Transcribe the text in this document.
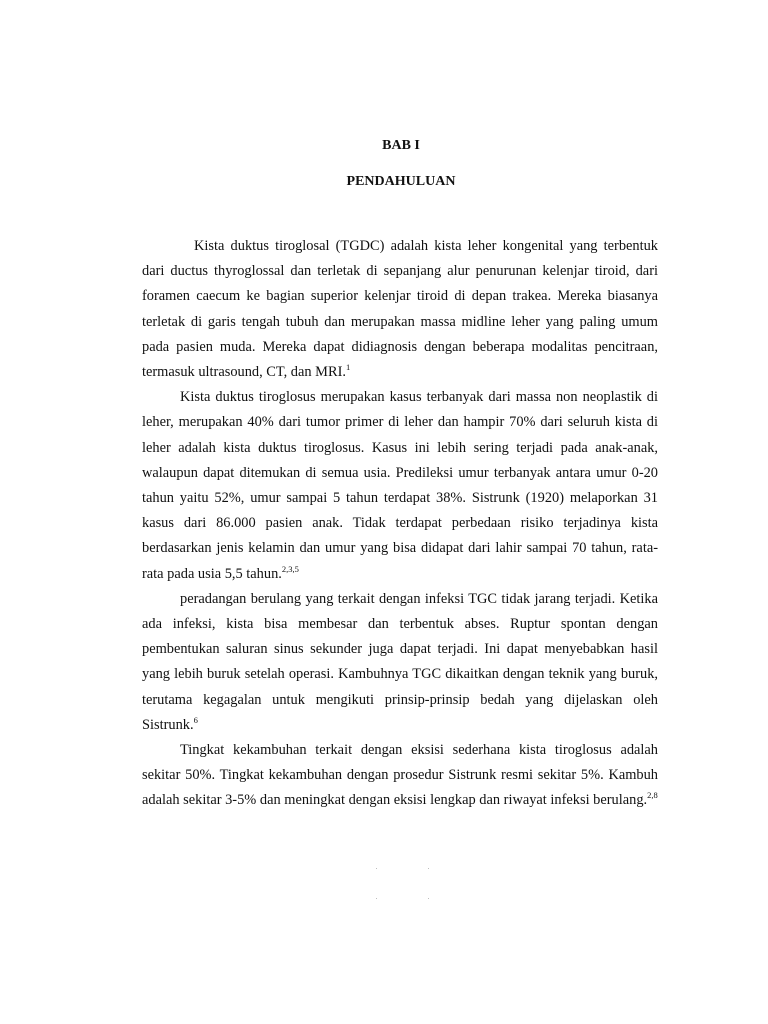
BAB I
PENDAHULUAN

Kista duktus tiroglosal (TGDC) adalah kista leher kongenital yang terbentuk dari ductus thyroglossal dan terletak di sepanjang alur penurunan kelenjar tiroid, dari foramen caecum ke bagian superior kelenjar tiroid di depan trakea. Mereka biasanya terletak di garis tengah tubuh dan merupakan massa midline leher yang paling umum pada pasien muda. Mereka dapat didiagnosis dengan beberapa modalitas pencitraan, termasuk ultrasound, CT, dan MRI.$^1$

Kista duktus tiroglosus merupakan kasus terbanyak dari massa non neoplastik di leher, merupakan 40% dari tumor primer di leher dan hampir 70% dari seluruh kista di leher adalah kista duktus tiroglosus. Kasus ini lebih sering terjadi pada anak-anak, walaupun dapat ditemukan di semua usia. Predileksi umur terbanyak antara umur 0-20 tahun yaitu 52%, umur sampai 5 tahun terdapat 38%. Sistrunk (1920) melaporkan 31 kasus dari 86.000 pasien anak. Tidak terdapat perbedaan risiko terjadinya kista berdasarkan jenis kelamin dan umur yang bisa didapat dari lahir sampai 70 tahun, rata-rata pada usia 5,5 tahun.$^{2,3,5}$

peradangan berulang yang terkait dengan infeksi TGC tidak jarang terjadi. Ketika ada infeksi, kista bisa membesar dan terbentuk abses. Ruptur spontan dengan pembentukan saluran sinus sekunder juga dapat terjadi. Ini dapat menyebabkan hasil yang lebih buruk setelah operasi. Kambuhnya TGC dikaitkan dengan teknik yang buruk, terutama kegagalan untuk mengikuti prinsip-prinsip bedah yang dijelaskan oleh Sistrunk.$^6$

Tingkat kekambuhan terkait dengan eksisi sederhana kista tiroglosus adalah sekitar 50%. Tingkat kekambuhan dengan prosedur Sistrunk resmi sekitar 5%. Kambuh adalah sekitar 3-5% dan meningkat dengan eksisi lengkap dan riwayat infeksi berulang.$^{2,8}$
